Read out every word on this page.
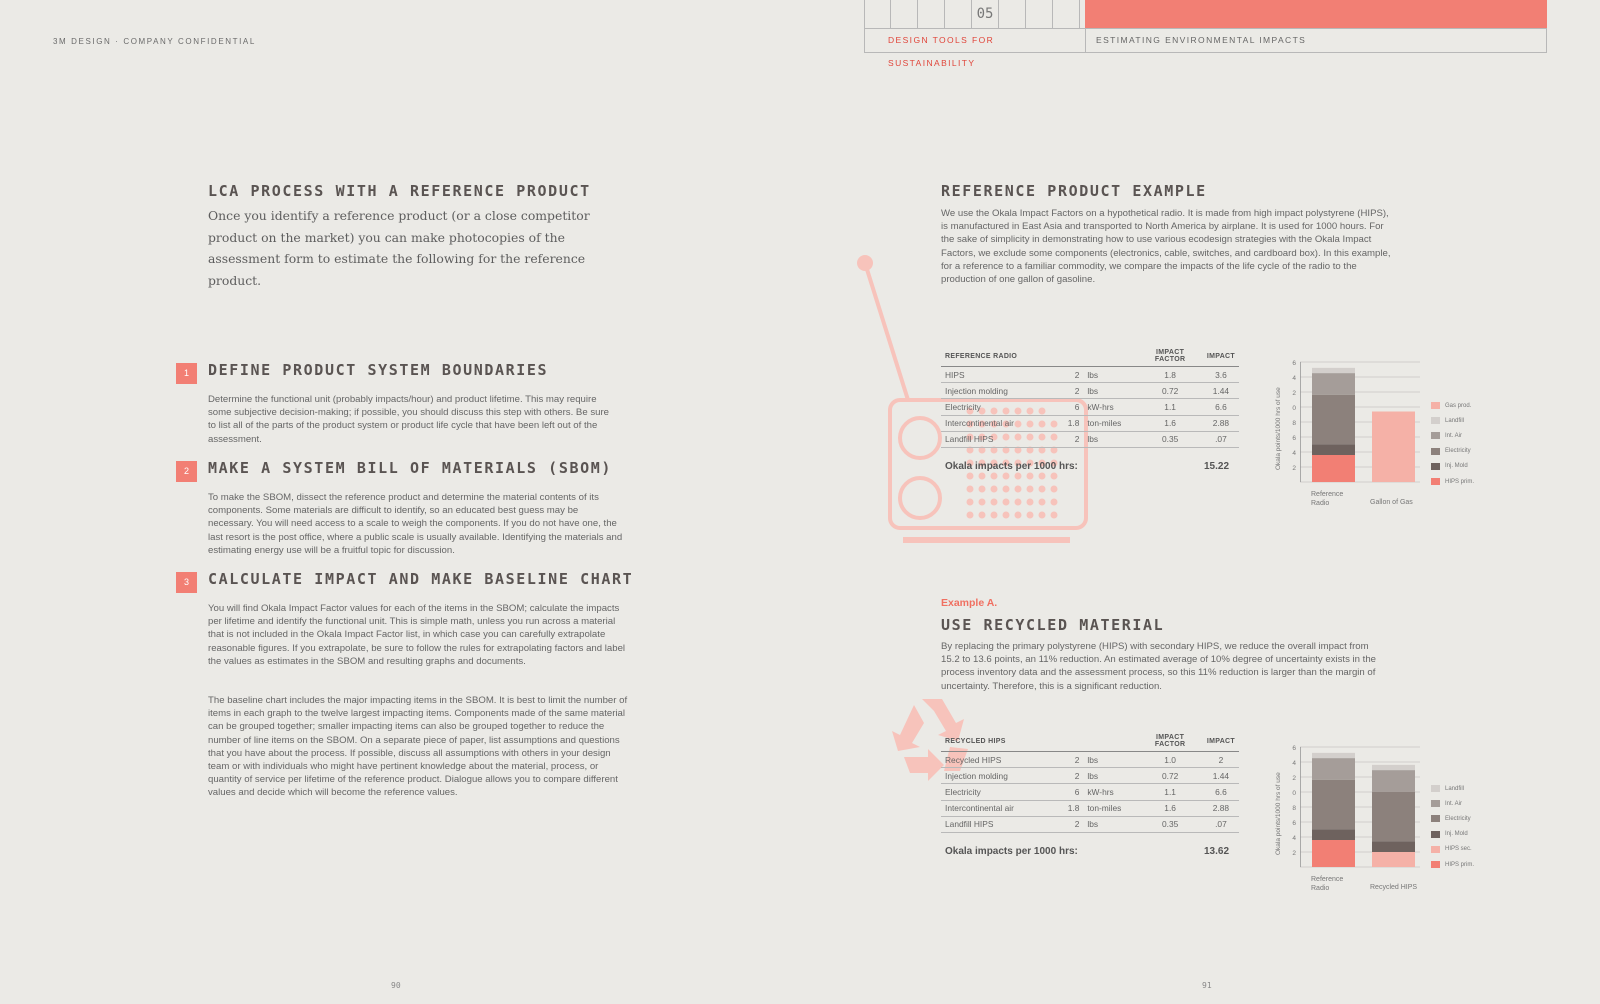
3M DESIGN · COMPANY CONFIDENTIAL
05
DESIGN TOOLS FOR SUSTAINABILITY
ESTIMATING ENVIRONMENTAL IMPACTS
LCA PROCESS WITH A REFERENCE PRODUCT

Once you identify a reference product (or a close competitor product on the market) you can make photocopies of the assessment form to estimate the following for the reference product.

1	DEFINE PRODUCT SYSTEM BOUNDARIES

Determine the functional unit (probably impacts/hour) and product lifetime. This may require some subjective decision-making; if possible, you should discuss this step with others. Be sure to list all of the parts of the product system or product life cycle that have been left out of the assessment.

2	MAKE A SYSTEM BILL OF MATERIALS (SBOM)

To make the SBOM, dissect the reference product and determine the material contents of its components. Some materials are difficult to identify, so an educated best guess may be necessary. You will need access to a scale to weigh the components. If you do not have one, the last resort is the post office, where a public scale is usually available. Identifying the materials and estimating energy use will be a fruitful topic for discussion.

3	CALCULATE IMPACT AND MAKE BASELINE CHART

You will find Okala Impact Factor values for each of the items in the SBOM; calculate the impacts per lifetime and identify the functional unit. This is simple math, unless you run across a material that is not included in the Okala Impact Factor list, in which case you can carefully extrapolate reasonable figures. If you extrapolate, be sure to follow the rules for extrapolating factors and label the values as estimates in the SBOM and resulting graphs and documents.

The baseline chart includes the major impacting items in the SBOM. It is best to limit the number of items in each graph to the twelve largest impacting items. Components made of the same material can be grouped together; smaller impacting items can also be grouped together to reduce the number of line items on the SBOM. On a separate piece of paper, list assumptions and questions that you have about the process. If possible, discuss all assumptions with others in your design team or with individuals who might have pertinent knowledge about the material, process, or quantity of service per lifetime of the reference product. Dialogue allows you to compare different values and decide which will become the reference values.

90
REFERENCE PRODUCT EXAMPLE

We use the Okala Impact Factors on a hypothetical radio. It is made from high impact polystyrene (HIPS), is manufactured in East Asia and transported to North America by airplane. It is used for 1000 hours. For the sake of simplicity in demonstrating how to use various ecodesign strategies with the Okala Impact Factors, we exclude some components (electronics, cable, switches, and cardboard box). In this example, for a reference to a familiar commodity, we compare the impacts of the life cycle of the radio to the production of one gallon of gasoline.

REFERENCE RADIO			IMPACT FACTOR	IMPACT
HIPS	2	lbs	1.8	3.6
Injection molding	2	lbs	0.72	1.44
Electricity	6	kW-hrs	1.1	6.6
Intercontinental air	1.8	ton-miles	1.6	2.88
Landfill HIPS	2	lbs	0.35	.07
Okala impacts per 1000 hrs:	15.22	Okala points/1000 hrs of use
6
4
2
0
8
6
4
2
Reference Radio	Gallon of Gas
Gas prod.
Landfill
Int. Air
Electricity
Inj. Mold
HIPS prim.
Example A.
USE RECYCLED MATERIAL

By replacing the primary polystyrene (HIPS) with secondary HIPS, we reduce the overall impact from 15.2 to 13.6 points, an 11% reduction. An estimated average of 10% degree of uncertainty exists in the process inventory data and the assessment process, so this 11% reduction is larger than the margin of uncertainty. Therefore, this is a significant reduction.

RECYCLED HIPS			IMPACT FACTOR	IMPACT
Recycled HIPS	2	lbs	1.0	2
Injection molding	2	lbs	0.72	1.44
Electricity	6	kW-hrs	1.1	6.6
Intercontinental air	1.8	ton-miles	1.6	2.88
Landfill HIPS	2	lbs	0.35	.07
Okala impacts per 1000 hrs:	13.62	Okala points/1000 hrs of use
6
4
2
0
8
6
4
2
Reference Radio	Recycled HIPS
Landfill
Int. Air
Electricity
Inj. Mold
HIPS sec.
HIPS prim.
91
